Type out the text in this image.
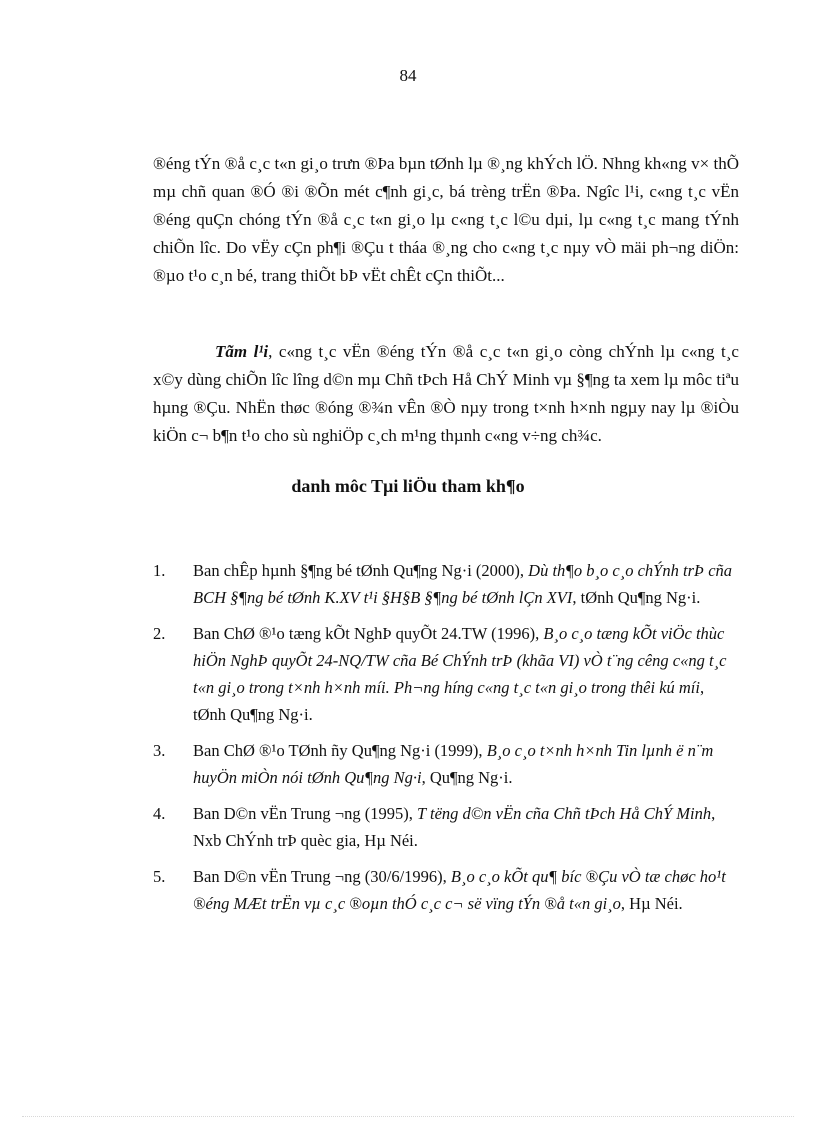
84

®éng tÝn ®å c¸c t«n gi¸o trưn ®Þa bµn tØnh lµ ®¸ng khÝch lÖ. Nhng kh«ng v× thÕ mµ chñ quan ®Ó ®i ®Õn mét c¶nh gi¸c, bá trèng trËn ®Þa. Ngîc l¹i, c«ng t¸c vËn ®éng quÇn chóng tÝn ®å c¸c t«n gi¸o lµ c«ng t¸c l©u dµi, lµ c«ng t¸c mang tÝnh chiÕn lîc. Do vËy cÇn ph¶i ®Çu t tháa ®¸ng cho c«ng t¸c nµy vÒ mäi ph¬ng diÖn: ®µo t¹o c¸n bé, trang thiÕt bÞ vËt chÊt cÇn thiÕt...

Tãm l¹i, c«ng t¸c vËn ®éng tÝn ®å c¸c t«n gi¸o còng chÝnh lµ c«ng t¸c x©y dùng chiÕn lîc lîng d©n mµ Chñ tÞch Hå ChÝ Minh vµ §¶ng ta xem lµ môc tiªu hµng ®Çu. NhËn thøc ®óng ®¾n vÊn ®Ò nµy trong t×nh h×nh ngµy nay lµ ®iÒu kiÖn c¬ b¶n t¹o cho sù nghiÖp c¸ch m¹ng thµnh c«ng v÷ng ch¾c.

danh môc Tµi liÖu tham kh¶o
1. Ban chÊp hµnh §¶ng bé tØnh Qu¶ng Ng·i (2000), Dù th¶o b¸o c¸o chÝnh trÞ cña BCH §¶ng bé tØnh K.XV t¹i §H§B §¶ng bé tØnh lÇn XVI, tØnh Qu¶ng Ng·i.
2. Ban ChØ ®¹o tæng kÕt NghÞ quyÕt 24.TW (1996), B¸o c¸o tæng kÕt viÖc thùc hiÖn NghÞ quyÕt 24-NQ/TW cña Bé ChÝnh trÞ (khãa VI) vÒ t¨ng cêng c«ng t¸c t«n gi¸o trong t×nh h×nh míi. Ph¬ng híng c«ng t¸c t«n gi¸o trong thêi kú míi, tØnh Qu¶ng Ng·i.
3. Ban ChØ ®¹o TØnh ñy Qu¶ng Ng·i (1999), B¸o c¸o t×nh h×nh Tin lµnh ë n¨m huyÖn miÒn nói tØnh Qu¶ng Ng·i, Qu¶ng Ng·i.
4. Ban D©n vËn Trung ¬ng (1995), T tëng d©n vËn cña Chñ tÞch Hå ChÝ Minh, Nxb ChÝnh trÞ quèc gia, Hµ Néi.
5. Ban D©n vËn Trung ¬ng (30/6/1996), B¸o c¸o kÕt qu¶ bíc ®Çu vÒ tæ chøc ho¹t ®éng MÆt trËn vµ c¸c ®oµn thÓ c¸c c¬ së vïng tÝn ®å t«n gi¸o, Hµ Néi.
